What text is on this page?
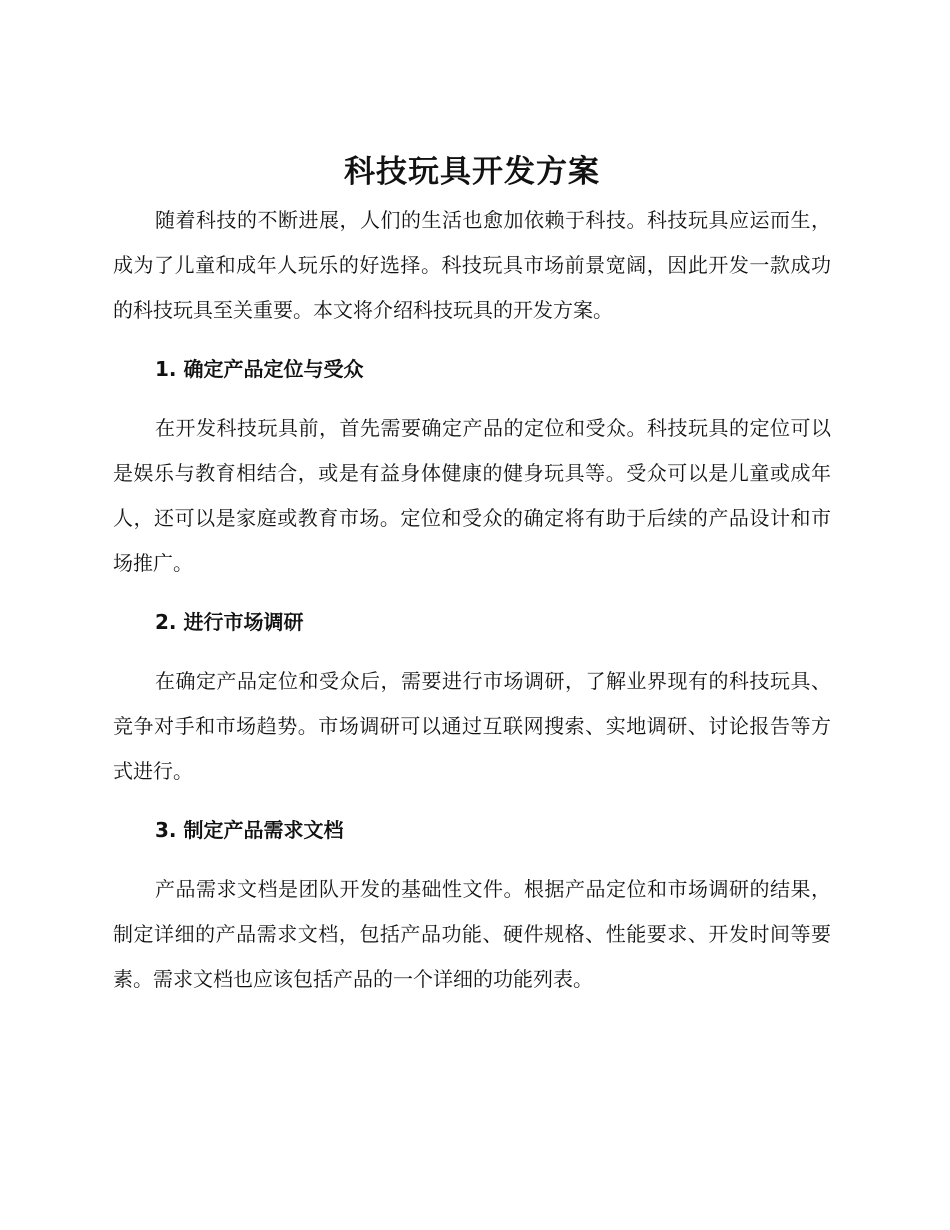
科技玩具开发方案

随着科技的不断进展，人们的生活也愈加依赖于科技。科技玩具应运而生，成为了儿童和成年人玩乐的好选择。科技玩具市场前景宽阔，因此开发一款成功的科技玩具至关重要。本文将介绍科技玩具的开发方案。

1. 确定产品定位与受众

在开发科技玩具前，首先需要确定产品的定位和受众。科技玩具的定位可以是娱乐与教育相结合，或是有益身体健康的健身玩具等。受众可以是儿童或成年人，还可以是家庭或教育市场。定位和受众的确定将有助于后续的产品设计和市场推广。

2. 进行市场调研

在确定产品定位和受众后，需要进行市场调研，了解业界现有的科技玩具、竞争对手和市场趋势。市场调研可以通过互联网搜索、实地调研、讨论报告等方式进行。

3. 制定产品需求文档

产品需求文档是团队开发的基础性文件。根据产品定位和市场调研的结果，制定详细的产品需求文档，包括产品功能、硬件规格、性能要求、开发时间等要素。需求文档也应该包括产品的一个详细的功能列表。
